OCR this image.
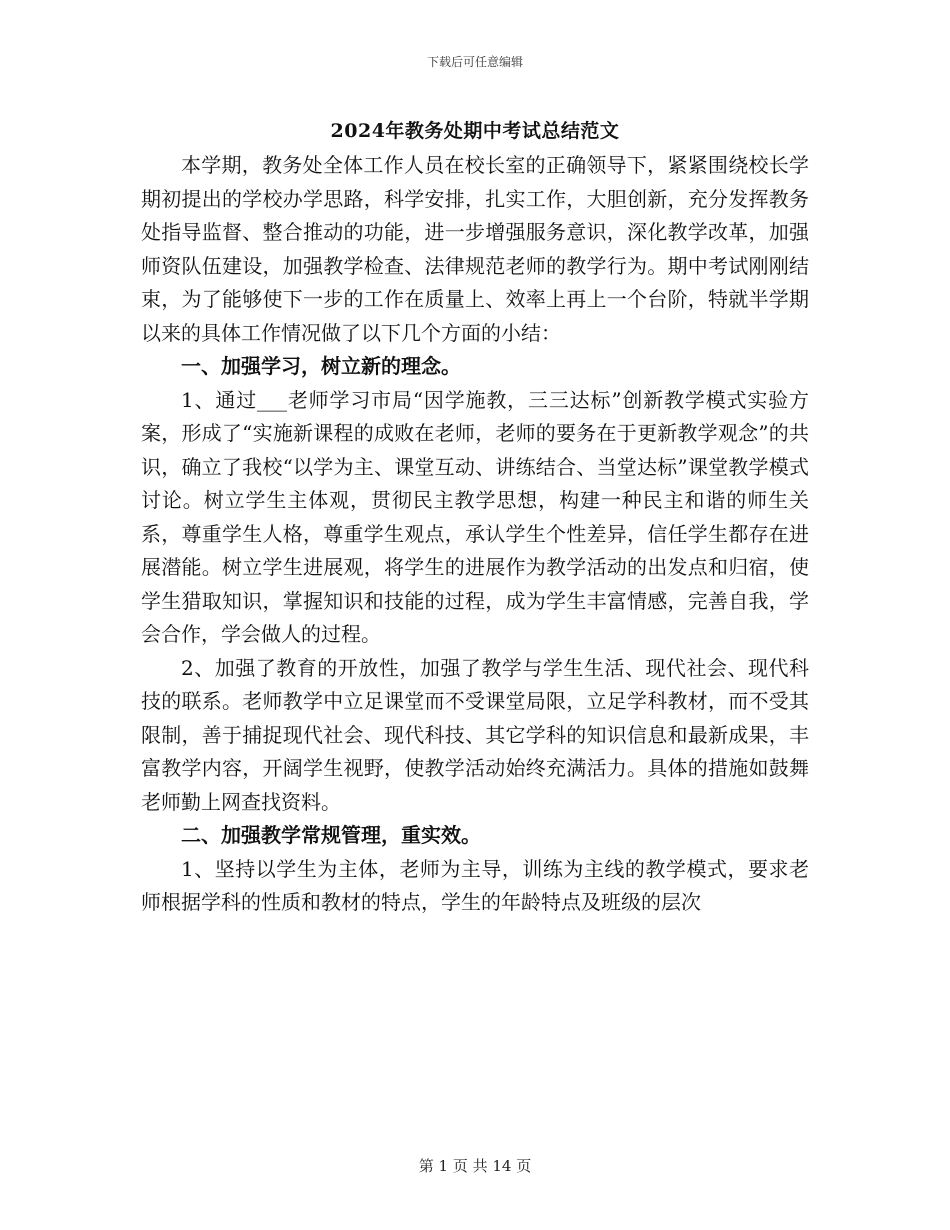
下载后可任意编辑
2024年教务处期中考试总结范文

本学期，教务处全体工作人员在校长室的正确领导下，紧紧围绕校长学期初提出的学校办学思路，科学安排，扎实工作，大胆创新，充分发挥教务处指导监督、整合推动的功能，进一步增强服务意识，深化教学改革，加强师资队伍建设，加强教学检查、法律规范老师的教学行为。期中考试刚刚结束，为了能够使下一步的工作在质量上、效率上再上一个台阶，特就半学期以来的具体工作情况做了以下几个方面的小结：

一、加强学习，树立新的理念。

1、通过___老师学习市局“因学施教，三三达标”创新教学模式实验方案，形成了“实施新课程的成败在老师，老师的要务在于更新教学观念”的共识，确立了我校“以学为主、课堂互动、讲练结合、当堂达标”课堂教学模式讨论。树立学生主体观，贯彻民主教学思想，构建一种民主和谐的师生关系，尊重学生人格，尊重学生观点，承认学生个性差异，信任学生都存在进展潜能。树立学生进展观，将学生的进展作为教学活动的出发点和归宿，使学生猎取知识，掌握知识和技能的过程，成为学生丰富情感，完善自我，学会合作，学会做人的过程。

2、加强了教育的开放性，加强了教学与学生生活、现代社会、现代科技的联系。老师教学中立足课堂而不受课堂局限，立足学科教材，而不受其限制，善于捕捉现代社会、现代科技、其它学科的知识信息和最新成果，丰富教学内容，开阔学生视野，使教学活动始终充满活力。具体的措施如鼓舞老师勤上网查找资料。

二、加强教学常规管理，重实效。

1、坚持以学生为主体，老师为主导，训练为主线的教学模式，要求老师根据学科的性质和教材的特点，学生的年龄特点及班级的层次

第 1 页 共 14 页
